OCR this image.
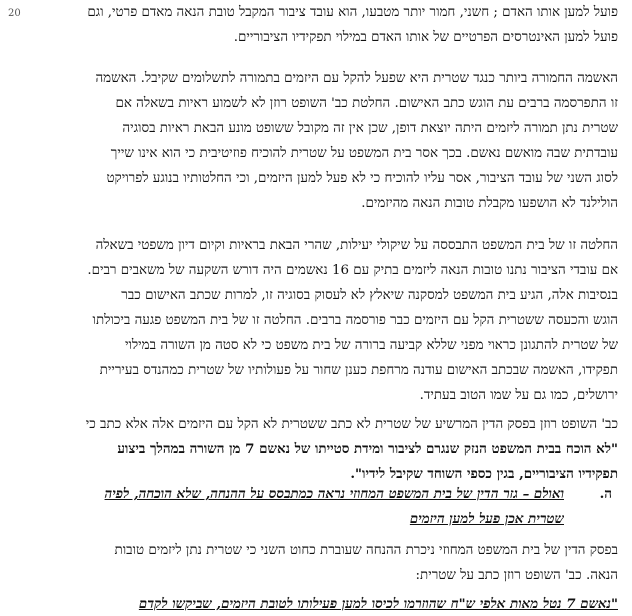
20	פועל למען אותו האדם ; חשני, חמור יותר מטבעו, הוא עובד ציבור המקבל טובת הנאה מאדם פרטי, וגם
פועל למען האינטרסים הפרטיים של אותו האדם במילוי תפקידיו הציבוריים.
האשמה החמורה ביותר כנגד שטרית היא שפעל להקל עם היזמים בתמורה לתשלומים שקיבל. האשמה
זו התפרסמה ברבים עת הוגש כתב האישום. החלטת כב' השופט רוזן לא לשמוע ראיות בשאלה אם
שטרית נתן תמורה ליזמים היתה יוצאת דופן, שכן אין זה מקובל ששופט מונע הבאת ראיות בסוגיה
עובדתית שבה מואשם נאשם. בכך אסר בית המשפט על שטרית להוכיח פוזיטיבית כי הוא אינו שייך
לסוג השני של עובד הציבור, אסר עליו להוכיח כי לא פעל למען היזמים, וכי החלטותיו בנוגע לפרויקט
הולילנד לא הושפעו מקבלת טובות הנאה מהיזמים.
החלטה זו של בית המשפט התבססה על שיקולי יעילות, שהרי הבאת בראיות וקיום דיון משפטי בשאלה
אם עובדי הציבור נתנו טובות הנאה ליזמים בתיק עם 16 נאשמים היה דורש השקעה של משאבים רבים.
בנסיבות אלה, הגיע בית המשפט למסקנה שיאלץ לא לעסוק בסוגיה זו, למרות שכתב האישום כבר
הוגש והכעסה ששטרית הקל עם היזמים כבר פורסמה ברבים. החלטה זו של בית המשפט פגעה ביכולתו
של שטרית להתגונן כראוי מפני שללא קביעה ברורה של בית משפט כי לא סטה מן השורה במילוי
תפקידו, האשמה שבכתב האישום עודנה מרחפת כענן שחור על פעולותיו של שטרית כמהנדס בעיריית
ירושלים, כמו גם על שמו הטוב בעתיד.
כב' השופט רוזן בפסק הדין המרשיע של שטרית לא כתב ששטרית לא הקל עם היזמים אלה אלא כתב כי
"לא הוכח בבית המשפט הנזק שנגרם לציבור ומידת סטייתו של נאשם 7 מן השורה במהלך ביצוע
תפקידיו הציבוריים, בגין כספי השוחד שקיבל לידיו".
ה.
ואולם – גזר הדין של בית המשפט המחוזי נראה כמתבסס על ההנחה, שלא הוכחה, לפיה
שטרית אכן פעל למען היזמים
בפסק הדין של בית המשפט המחוזי ניכרת ההנחה שעוברת כחוט השני כי שטרית נתן ליזמים טובות
הנאה. כב' השופט רוזן כתב על שטרית:
"נאשם 7 נטל מאות אלפי ש"ח שהוזרמו לכיסו למען פעילותו לטובת היזמים, שביקשו לקדם
